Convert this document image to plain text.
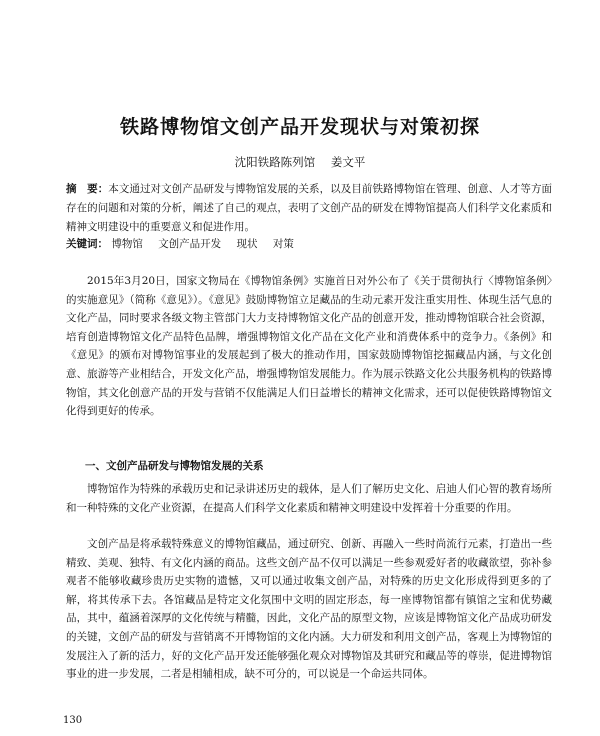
铁路博物馆文创产品开发现状与对策初探
沈阳铁路陈列馆 姜文平
摘　要：本文通过对文创产品研发与博物馆发展的关系，以及目前铁路博物馆在管理、创意、人才等方面存在的问题和对策的分析，阐述了自己的观点，表明了文创产品的研发在博物馆提高人们科学文化素质和精神文明建设中的重要意义和促进作用。
关键词： 博物馆 文创产品开发 现状 对策

2015年3月20日，国家文物局在《博物馆条例》实施首日对外公布了《关于贯彻执行〈博物馆条例〉的实施意见》（简称《意见》）。《意见》鼓励博物馆立足藏品的生动元素开发注重实用性、体现生活气息的文化产品，同时要求各级文物主管部门大力支持博物馆文化产品的创意开发，推动博物馆联合社会资源，培育创造博物馆文化产品特色品牌，增强博物馆文化产品在文化产业和消费体系中的竞争力。《条例》和《意见》的颁布对博物馆事业的发展起到了极大的推动作用，国家鼓励博物馆挖掘藏品内涵，与文化创意、旅游等产业相结合，开发文化产品，增强博物馆发展能力。作为展示铁路文化公共服务机构的铁路博物馆，其文化创意产品的开发与营销不仅能满足人们日益增长的精神文化需求，还可以促使铁路博物馆文化得到更好的传承。

一、文创产品研发与博物馆发展的关系

博物馆作为特殊的承载历史和记录讲述历史的载体，是人们了解历史文化、启迪人们心智的教育场所和一种特殊的文化产业资源，在提高人们科学文化素质和精神文明建设中发挥着十分重要的作用。

文创产品是将承载特殊意义的博物馆藏品，通过研究、创新、再融入一些时尚流行元素，打造出一些精致、美观、独特、有文化内涵的商品。这些文创产品不仅可以满足一些参观爱好者的收藏欲望，弥补参观者不能够收藏珍贵历史实物的遗憾，又可以通过收集文创产品，对特殊的历史文化形成得到更多的了解，将其传承下去。各馆藏品是特定文化氛围中文明的固定形态，每一座博物馆都有镇馆之宝和优势藏品，其中，蕴涵着深厚的文化传统与精髓，因此，文化产品的原型文物，应该是博物馆文化产品成功研发的关键，文创产品的研发与营销离不开博物馆的文化内涵。大力研发和利用文创产品，客观上为博物馆的发展注入了新的活力，好的文化产品开发还能够强化观众对博物馆及其研究和藏品等的尊崇，促进博物馆事业的进一步发展，二者是相辅相成，缺不可分的，可以说是一个命运共同体。

130
